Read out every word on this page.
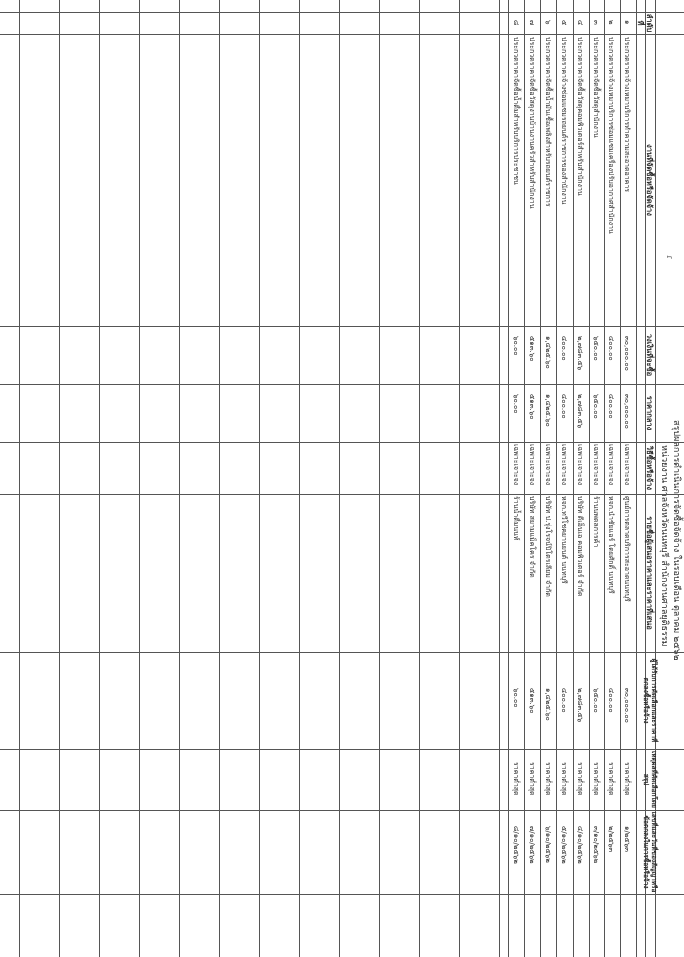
สรุปผลการดำเนินการจัดซื้อจัดจ้าง ในรอบเดือน ตุลาคม ๒๕๖๒
หน่วยงาน ศาลจังหวัดนนทบุรี สำนักงานศาลยุติธรรม
ɾ
ลำดับที่
งานที่จัดซื้อหรือจัดจ้าง
วงเงินที่จะซื้อ
ราคากลาง
วิธีซื้อหรือจ้าง
รายชื่อผู้เสนอราคาและราคาที่เสนอ
ผู้ได้รับการคัดเลือกและราคาที่ตกลงซื้อหรือจ้าง
เหตุผลที่คัดเลือกโดยสรุป
เลขที่และวันที่ของสัญญาหรือข้อตกลงในการซื้อหรือจ้าง
๑
ประกวดราคาจ้างเหมาบริการทำความสะอาดอาคาร
๓๐,๐๐๐.๐๐
๓๐,๐๐๐.๐๐
เฉพาะเจาะจง
ศูนย์การตลาดบริการสะอาดนนทบุรี
๓๐,๐๐๐.๐๐
ราคาต่ำสุด
๑/๒๕๖๓
๒
ประกวดราคาจ้างเหมาบริการซ่อมแซมเครื่องปรับอากาศสำนักงาน
๔๐๐.๐๐
๔๐๐.๐๐
เฉพาะเจาะจง
หจก.นำชัยแอร์ โดยศักดิ์ นนทบุรี
๔๐๐.๐๐
ราคาต่ำสุด
๒/๒๕๖๓
๓
ประกวดราคาจัดซื้อวัสดุสำนักงาน
๖๕๐.๐๐
๖๕๐.๐๐
เฉพาะเจาะจง
ร้านนพดลการค้า
๖๕๐.๐๐
ราคาต่ำสุด
๓/๑๐/๒๕๖๒
๔
ประกวดราคาจัดซื้อวัสดุคอมพิวเตอร์สำหรับสำนักงาน
๒,๗๘๓.๕๖
๒,๗๘๓.๕๖
เฉพาะเจาะจง
บริษัท ดีเอ็นเอ คอมพิวเตอร์ จำกัด
๒,๗๘๓.๕๖
ราคาต่ำสุด
๔/๑๐/๒๕๖๒
๕
ประกวดราคาจ้างซ่อมแซมรถยนต์ราชการของสำนักงาน
๔๐๐.๐๐
๔๐๐.๐๐
เฉพาะเจาะจง
หจก.ทวีโชคยานยนต์ นนทบุรี
๔๐๐.๐๐
ราคาต่ำสุด
๕/๑๐/๒๕๖๒
๖
ประกวดราคาจัดซื้อน้ำมันเชื้อเพลิงสำหรับรถยนต์ราชการ
๑,๔๒๕.๖๐
๑,๔๒๕.๖๐
เฉพาะเจาะจง
บริษัท ป.รุ่งโรจน์ปิโตรเลียม จำกัด
๑,๔๒๕.๖๐
ราคาต่ำสุด
๖/๑๐/๒๕๖๒
๗
ประกวดราคาจัดซื้อวัสดุงานบ้านงานครัวสำหรับสำนักงาน
๕๑๓.๖๐
๕๑๓.๖๐
เฉพาะเจาะจง
บริษัท สยามแม็คโคร จำกัด
๕๑๓.๖๐
ราคาต่ำสุด
๗/๑๐/๒๕๖๒
๘
ประกวดราคาจัดซื้อน้ำดื่มสำหรับบริการประชาชน
๖๐.๐๐
๖๐.๐๐
เฉพาะเจาะจง
ร้านน้ำดื่มนนท์
๖๐.๐๐
ราคาต่ำสุด
๘/๑๐/๒๕๖๒
